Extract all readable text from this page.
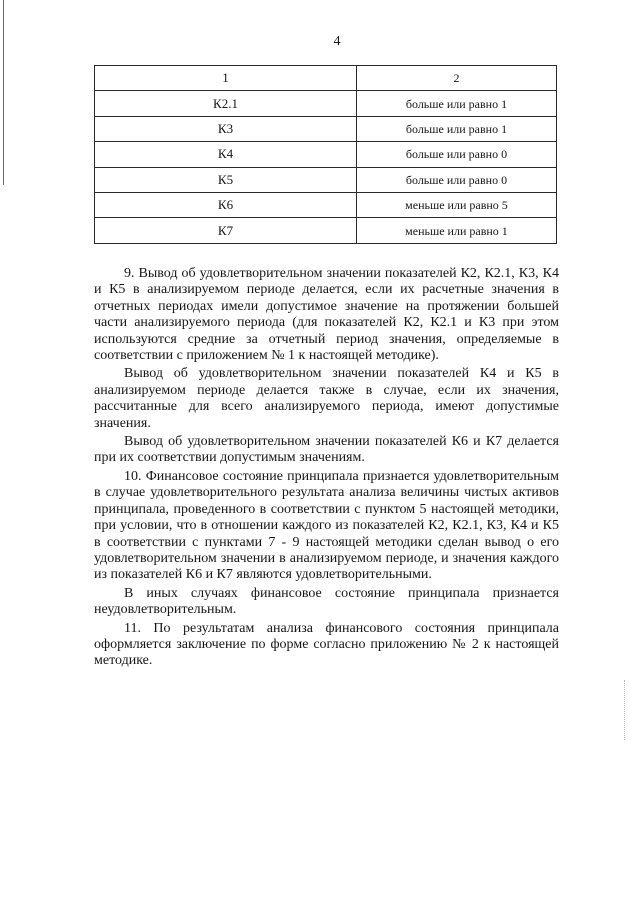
4
1	2
К2.1	больше или равно 1
К3	больше или равно 1
К4	больше или равно 0
К5	больше или равно 0
К6	меньше или равно 5
К7	меньше или равно 1

9. Вывод об удовлетворительном значении показателей К2, К2.1, К3, К4 и К5 в анализируемом периоде делается, если их расчетные значения в отчетных периодах имели допустимое значение на протяжении большей части анализируемого периода (для показателей К2, К2.1 и К3 при этом используются средние за отчетный период значения, определяемые в соответствии с приложением № 1 к настоящей методике).

Вывод об удовлетворительном значении показателей К4 и К5 в анализируемом периоде делается также в случае, если их значения, рассчитанные для всего анализируемого периода, имеют допустимые значения.

Вывод об удовлетворительном значении показателей К6 и К7 делается при их соответствии допустимым значениям.

10. Финансовое состояние принципала признается удовлетворительным в случае удовлетворительного результата анализа величины чистых активов принципала, проведенного в соответствии с пунктом 5 настоящей методики, при условии, что в отношении каждого из показателей К2, К2.1, К3, К4 и К5 в соответствии с пунктами 7 - 9 настоящей методики сделан вывод о его удовлетворительном значении в анализируемом периоде, и значения каждого из показателей К6 и К7 являются удовлетворительными.

В иных случаях финансовое состояние принципала признается неудовлетворительным.

11. По результатам анализа финансового состояния принципала оформляется заключение по форме согласно приложению № 2 к настоящей методике.
